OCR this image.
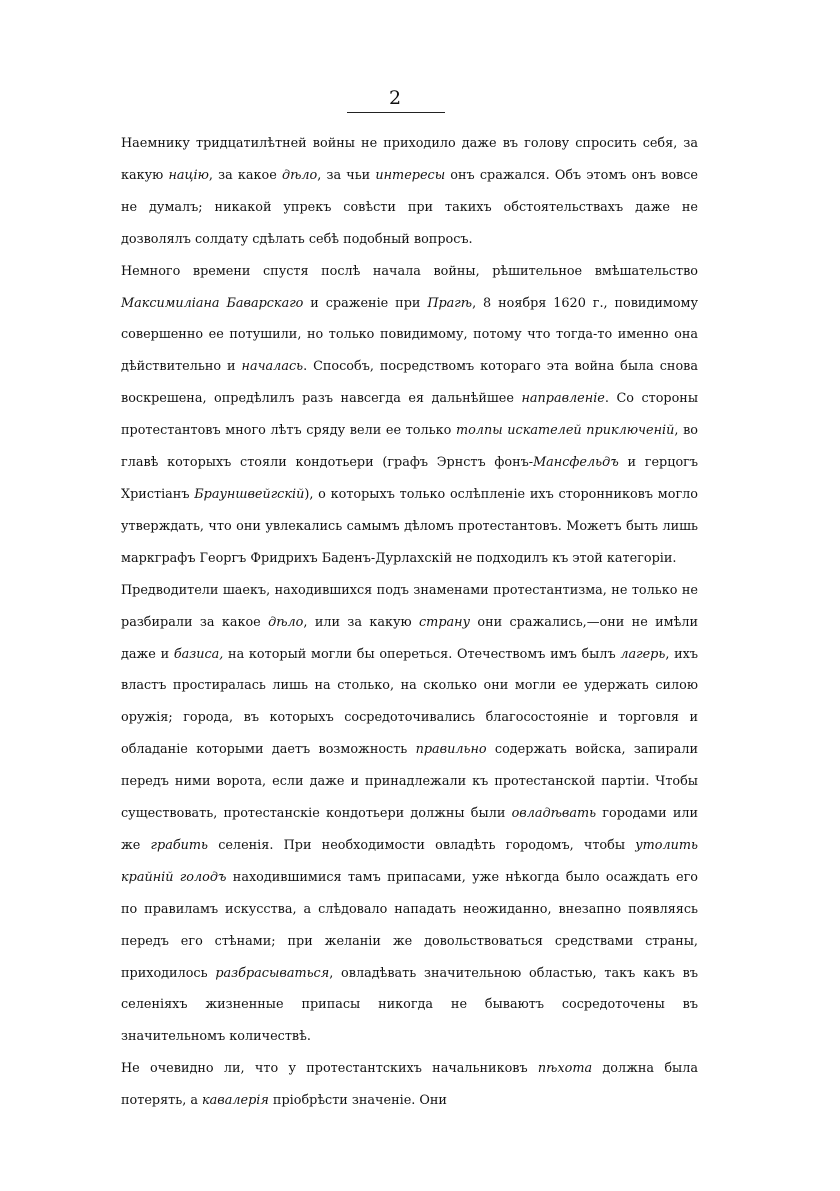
2

Наемнику тридцатилѣтней войны не приходило даже въ голову спросить себя, за какую націю, за какое дѣло, за чьи интересы онъ сражался. Объ этомъ онъ вовсе не думалъ; никакой упрекъ совѣсти при такихъ обстоятельствахъ даже не дозволялъ солдату сдѣлать себѣ подобный вопросъ.

Немного времени спустя послѣ начала войны, рѣшительное вмѣшательство Максимиліана Баварскаго и сраженіе при Прагѣ, 8 ноября 1620 г., повидимому совершенно ее потушили, но только повидимому, потому что тогда-то именно она дѣйствительно и началась. Способъ, посредствомъ котораго эта война была снова воскрешена, опредѣлилъ разъ навсегда ея дальнѣйшее направленіе. Со стороны протестантовъ много лѣтъ сряду вели ее только толпы искателей приключеній, во главѣ которыхъ стояли кондотьери (графъ Эрнстъ фонъ-Мансфельдъ и герцогъ Христіанъ Брауншвейгскій), о которыхъ только ослѣпленіе ихъ сторонниковъ могло утверждать, что они увлекались самымъ дѣломъ протестантовъ. Можетъ быть лишь маркграфъ Георгъ Фридрихъ Баденъ-Дурлахскій не подходилъ къ этой категоріи.

Предводители шаекъ, находившихся подъ знаменами протестантизма, не только не разбирали за какое дѣло, или за какую страну они сражались,—они не имѣли даже и базиса, на который могли бы опереться. Отечествомъ имъ былъ лагерь, ихъ властъ простиралась лишь на столько, на сколько они могли ее удержать силою оружія; города, въ которыхъ сосредоточивались благосостояніе и торговля и обладаніе которыми даетъ возможность правильно содержать войска, запирали передъ ними ворота, если даже и принадлежали къ протестанской партіи. Чтобы существовать, протестанскіе кондотьери должны были овладѣвать городами или же грабить селенія. При необходимости овладѣть городомъ, чтобы утолить крайній голодъ находившимися тамъ припасами, уже нѣкогда было осаждать его по правиламъ искусства, а слѣдовало нападать неожиданно, внезапно появляясь передъ его стѣнами; при желаніи же довольствоваться средствами страны, приходилось разбрасываться, овладѣвать значительною областью, такъ какъ въ селеніяхъ жизненные припасы никогда не бываютъ сосредоточены въ значительномъ количествѣ.

Не очевидно ли, что у протестантскихъ начальниковъ пѣхота должна была потерять, а кавалерія пріобрѣсти значеніе. Они
